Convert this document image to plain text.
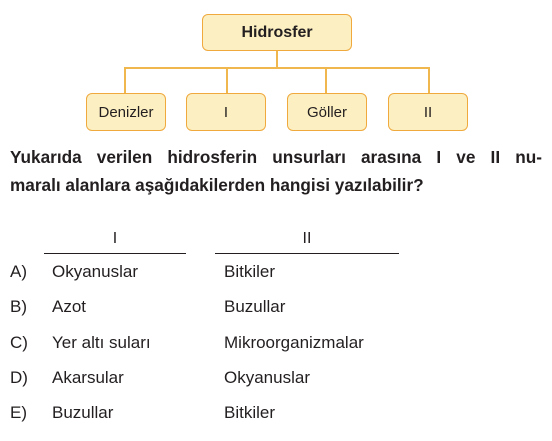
Hidrosfer
Denizler	I	Göller	II
Yukarıda verilen hidrosferin unsurları arasına I ve II nu-
maralı alanlara aşağıdakilerden hangisi yazılabilir?
I	II
A) Okyanuslar	Bitkiler
B) Azot	Buzullar
C) Yer altı suları	Mikroorganizmalar
D) Akarsular	Okyanuslar
E) Buzullar	Bitkiler
